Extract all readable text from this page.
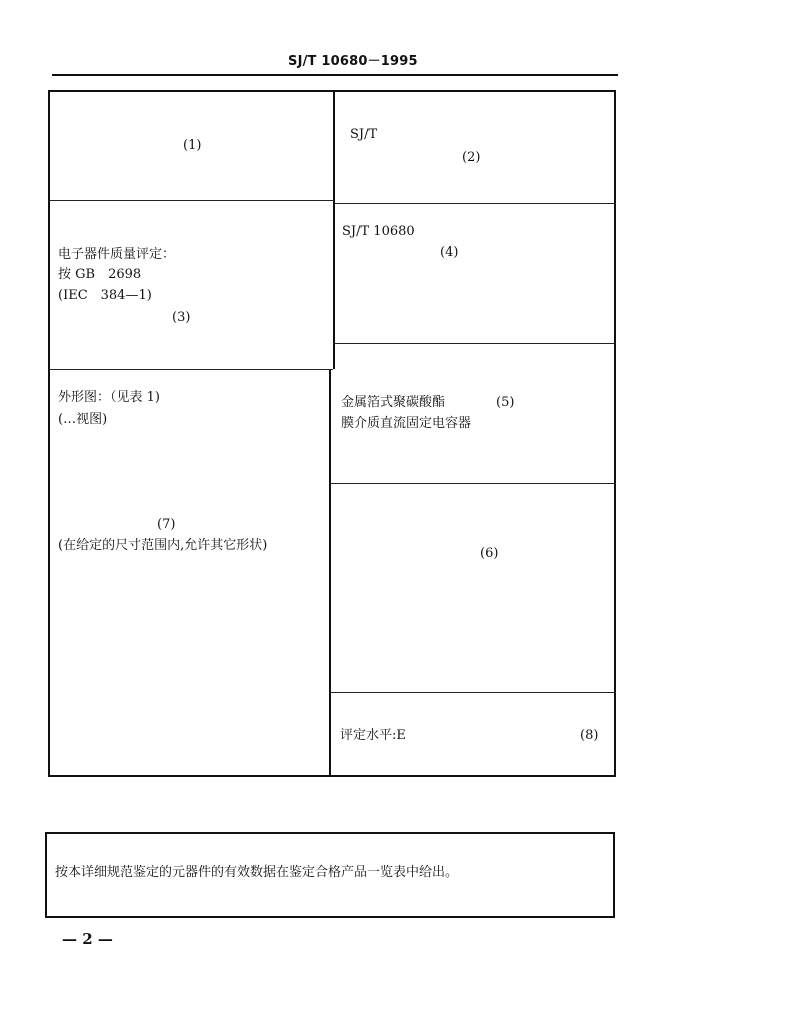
SJ/T 10680－1995
(1)
SJ/T
(2)
电子器件质量评定：
按 GB　2698
(IEC　384—1)
(3)
SJ/T 10680
(4)
金属箔式聚碳酸酯
膜介质直流固定电容器
(5)
(6)
外形图：（见表 1)
(…视图)
(7)
(在给定的尺寸范围内,允许其它形状)
评定水平:E	(8)
按本详细规范鉴定的元器件的有效数据在鉴定合格产品一览表中给出。
— 2 —
